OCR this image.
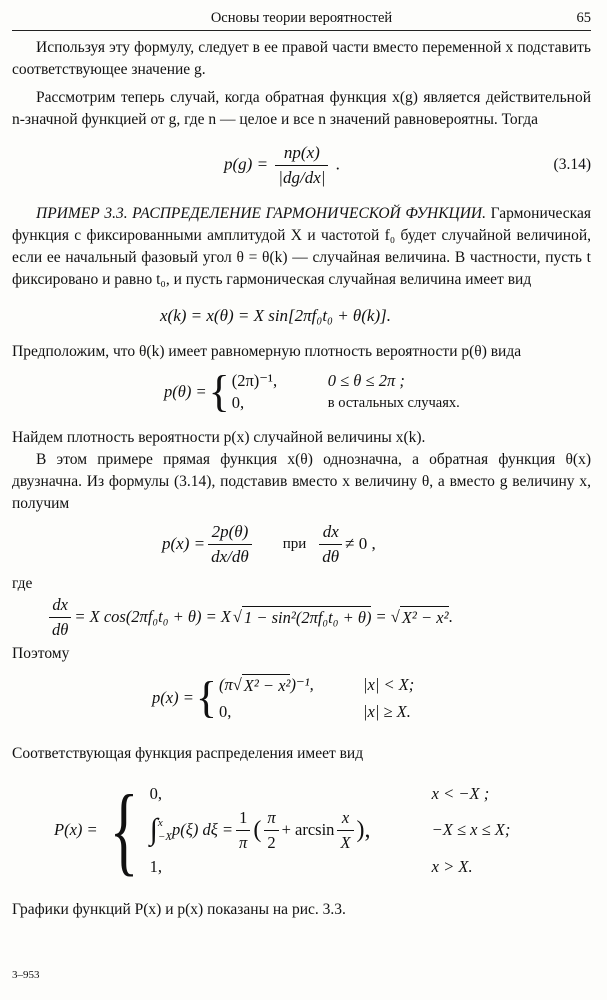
Основы теории вероятностей	65

Используя эту формулу, следует в ее правой части вместо переменной x подставить соответствующее значение g.

Рассмотрим теперь случай, когда обратная функция x(g) является действительной n-значной функцией от g, где n — целое и все n значений равновероятны. Тогда

$p(g) = \frac{np(x)}{|dg/dx|}$ .	(3.14)

ПРИМЕР 3.3. РАСПРЕДЕЛЕНИЕ ГАРМОНИЧЕСКОЙ ФУНКЦИИ. Гармоническая функция с фиксированными амплитудой X и частотой f₀ будет случайной величиной, если ее начальный фазовый угол θ = θ(k) — случайная величина. В частности, пусть t фиксировано и равно t₀, и пусть гармоническая случайная величина имеет вид

x(k) = x(θ) = X sin[2πf₀t₀ + θ(k)].

Предположим, что θ(k) имеет равномерную плотность вероятности p(θ) вида

p(θ) = { (2π)⁻¹,	0 ≤ θ ≤ 2π ;
0,	в остальных случаях.

Найдем плотность вероятности p(x) случайной величины x(k).

В этом примере прямая функция x(θ) однозначна, а обратная функция θ(x) двузначна. Из формулы (3.14), подставив вместо x величину θ, а вместо g величину x, получим

$p(x) = \frac{2p(\theta)}{dx/d\theta}$ при $\frac{dx}{d\theta} \ne 0$ ,

где

$\frac{dx}{d\theta} = X$ cos(2πf₀t₀ + θ) = X √ 1 − sin²(2πf₀t₀ + θ) = √ X² − x² .

Поэтому

p(x) = { (π √ X² − x² )⁻¹,	|x| < X;
0,	|x| ≥ X.

Соответствующая функция распределения имеет вид

P(x) = { 0,	x < −X ;
∫ x
−X p(ξ) $d\xi = \frac{1}{\pi}$ ( $\frac{\pi}{2} + \arcsin \frac{x}{X}$ ),	−X ≤ x ≤ X;
1,	x > X.

Графики функций P(x) и p(x) показаны на рис. 3.3.

3–953
